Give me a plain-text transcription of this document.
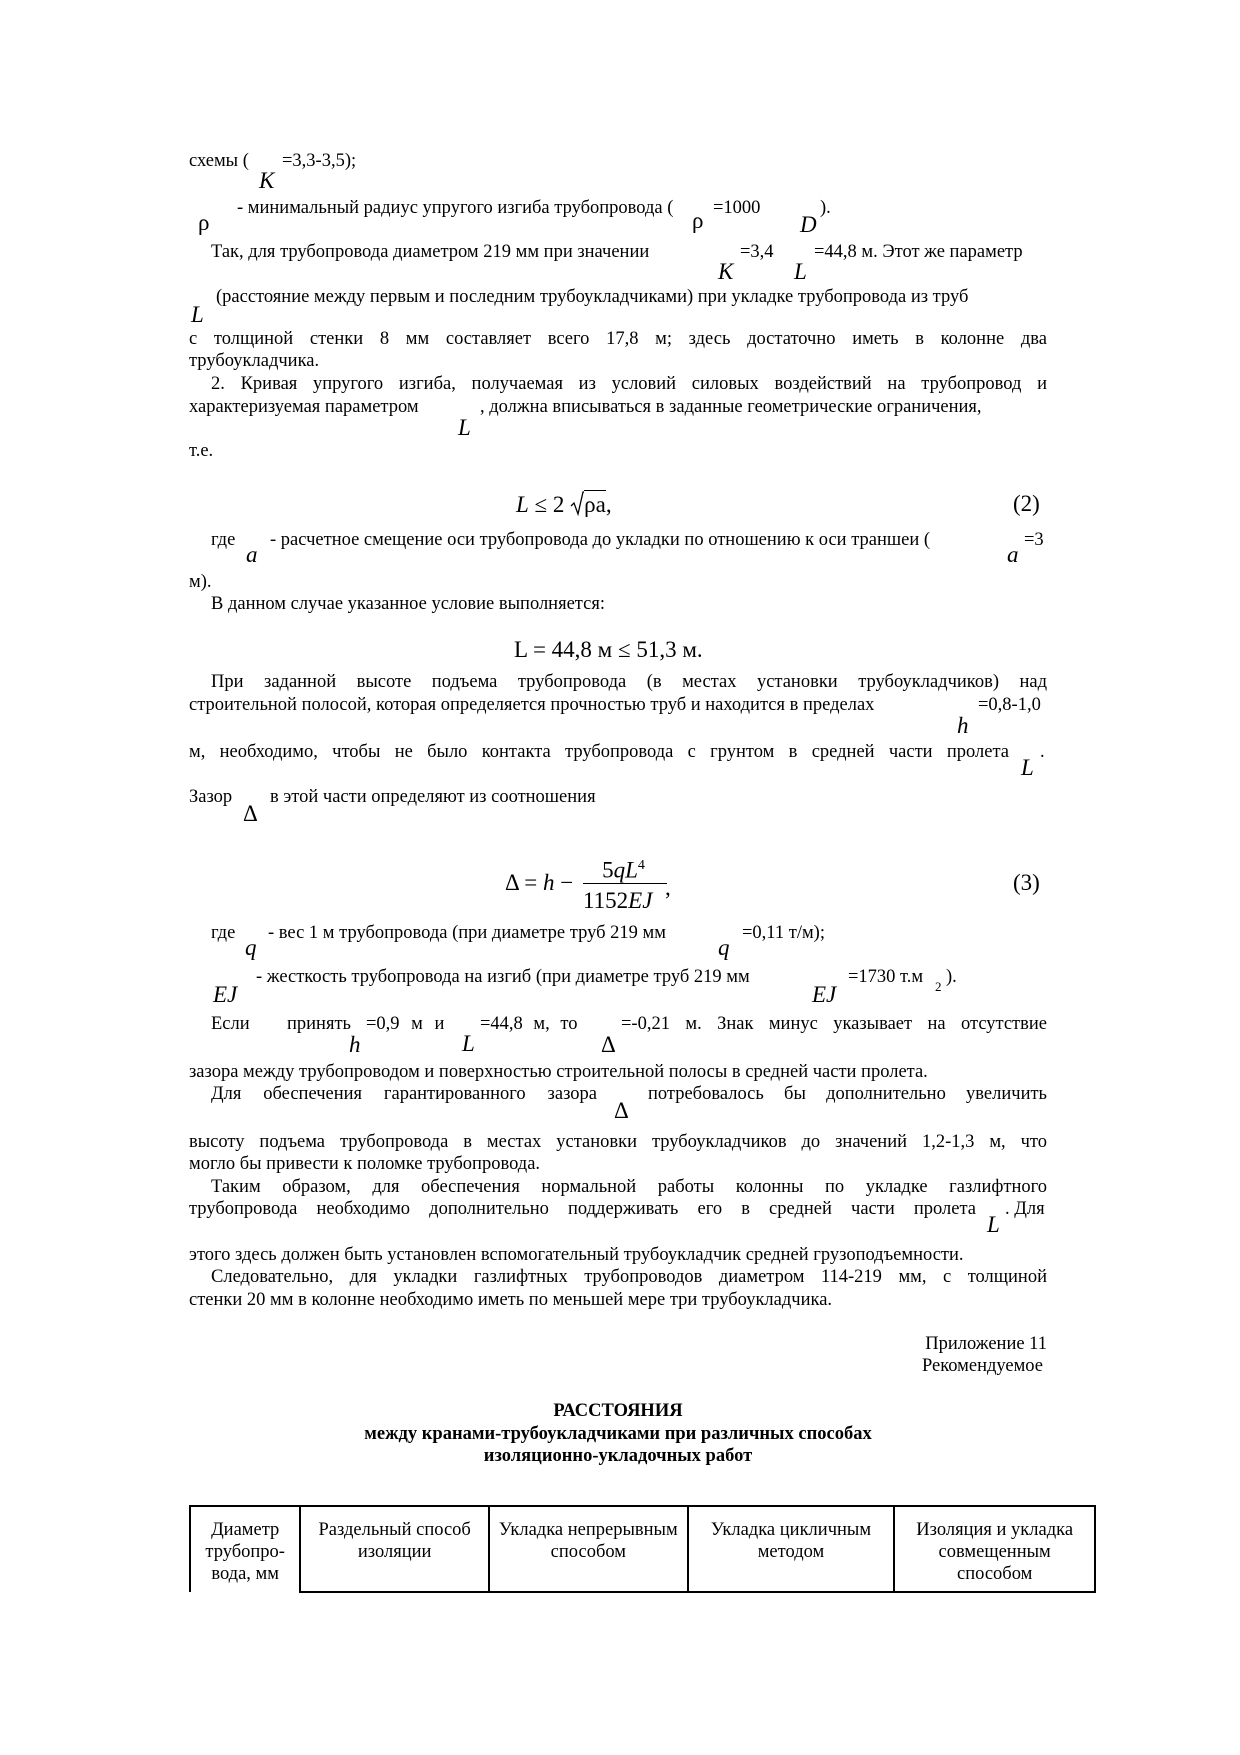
схемы (
K
=3,3-3,5);
ρ
- минимальный радиус упругого изгиба трубопровода ( ρ =1000
D
).
Так, для трубопровода диаметром 219 мм при значении
K
=3,4
L
=44,8 м. Этот же параметр
L
(расстояние между первым и последним трубоукладчиками) при укладке трубопровода из труб
с толщиной стенки 8 мм составляет всего 17,8 м; здесь достаточно иметь в колонне два
трубоукладчика.
2. Кривая упругого изгиба, получаемая из условий силовых воздействий на трубопровод и
характеризуемая параметром
L
, должна вписываться в заданные геометрические ограничения,
т.е.
L ≤ 2 ρa,	(2)
где
a
- расчетное смещение оси трубопровода до укладки по отношению к оси траншеи (
a
=3
м).
В данном случае указанное условие выполняется:
L = 44,8 м ≤ 51,3 м.
При заданной высоте подъема трубопровода (в местах установки трубоукладчиков) над
строительной полосой, которая определяется прочностью труб и находится в пределах
h
=0,8-1,0
м, необходимо, чтобы не было контакта трубопровода с грунтом в средней части пролета
L
.
Зазор
Δ
в этой части определяют из соотношения
Δ = h −	$5qL^4$
1152EJ
,	(3)
где
q
- вес 1 м трубопровода (при диаметре труб 219 мм
q
=0,11 т/м);
EJ
- жесткость трубопровода на изгиб (при диаметре труб 219 мм
EJ
=1730 т.м 2 ).
Если принять
h
=0,9 м и
L
=44,8 м, то
Δ
=-0,21 м. Знак минус указывает на отсутствие
зазора между трубопроводом и поверхностью строительной полосы в средней части пролета.
Для обеспечения гарантированного зазора
Δ
потребовалось бы дополнительно увеличить
высоту подъема трубопровода в местах установки трубоукладчиков до значений 1,2-1,3 м, что
могло бы привести к поломке трубопровода.
Таким образом, для обеспечения нормальной работы колонны по укладке газлифтного
трубопровода необходимо дополнительно поддерживать его в средней части пролета
L
. Для
этого здесь должен быть установлен вспомогательный трубоукладчик средней грузоподъемности.
Следовательно, для укладки газлифтных трубопроводов диаметром 114-219 мм, с толщиной
стенки 20 мм в колонне необходимо иметь по меньшей мере три трубоукладчика.
Приложение 11
Рекомендуемое
РАССТОЯНИЯ
между кранами-трубоукладчиками при различных способах
изоляционно-укладочных работ
Диаметр трубопро-вода, мм	Раздельный способ изоляции	Укладка непрерывным способом	Укладка цикличным методом	Изоляция и укладка совмещенным способом
